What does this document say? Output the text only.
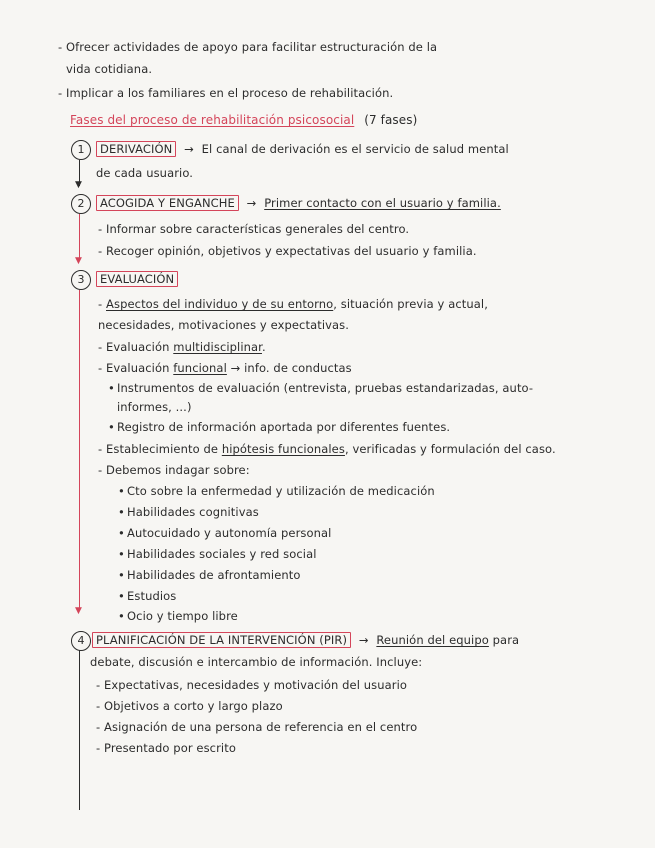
- Ofrecer actividades de apoyo para facilitar estructuración de la
vida cotidiana.
- Implicar a los familiares en el proceso de rehabilitación.
Fases del proceso de rehabilitación psicosocial (7 fases)
1	DERIVACIÓN → El canal de derivación es el servicio de salud mental
de cada usuario.
▼
2	ACOGIDA Y ENGANCHE → Primer contacto con el usuario y familia.
- Informar sobre características generales del centro.
- Recoger opinión, objetivos y expectativas del usuario y familia.
▼
3	EVALUACIÓN
▼
- Aspectos del individuo y de su entorno, situación previa y actual,
necesidades, motivaciones y expectativas.
- Evaluación multidisciplinar.
- Evaluación funcional → info. de conductas
• Instrumentos de evaluación (entrevista, pruebas estandarizadas, auto-
informes, ...)
• Registro de información aportada por diferentes fuentes.
- Establecimiento de hipótesis funcionales, verificadas y formulación del caso.
- Debemos indagar sobre:
• Cto sobre la enfermedad y utilización de medicación
• Habilidades cognitivas
• Autocuidado y autonomía personal
• Habilidades sociales y red social
• Habilidades de afrontamiento
• Estudios
• Ocio y tiempo libre
4	PLANIFICACIÓN DE LA INTERVENCIÓN (PIR) → Reunión del equipo para
debate, discusión e intercambio de información. Incluye:
- Expectativas, necesidades y motivación del usuario
- Objetivos a corto y largo plazo
- Asignación de una persona de referencia en el centro
- Presentado por escrito
